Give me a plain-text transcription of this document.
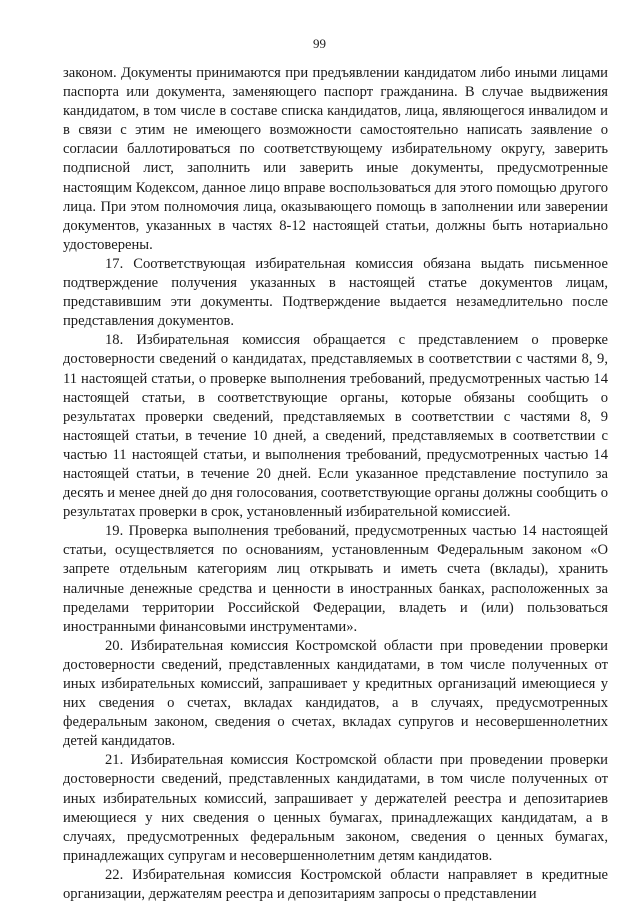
99

законом. Документы принимаются при предъявлении кандидатом либо иными лицами паспорта или документа, заменяющего паспорт гражданина. В случае выдвижения кандидатом, в том числе в составе списка кандидатов, лица, являющегося инвалидом и в связи с этим не имеющего возможности самостоятельно написать заявление о согласии баллотироваться по соответствующему избирательному округу, заверить подписной лист, заполнить или заверить иные документы, предусмотренные настоящим Кодексом, данное лицо вправе воспользоваться для этого помощью другого лица. При этом полномочия лица, оказывающего помощь в заполнении или заверении документов, указанных в частях 8-12 настоящей статьи, должны быть нотариально удостоверены.

17. Соответствующая избирательная комиссия обязана выдать письменное подтверждение получения указанных в настоящей статье документов лицам, представившим эти документы. Подтверждение выдается незамедлительно после представления документов.

18. Избирательная комиссия обращается с представлением о проверке достоверности сведений о кандидатах, представляемых в соответствии с частями 8, 9, 11 настоящей статьи, о проверке выполнения требований, предусмотренных частью 14 настоящей статьи, в соответствующие органы, которые обязаны сообщить о результатах проверки сведений, представляемых в соответствии с частями 8, 9 настоящей статьи, в течение 10 дней, а сведений, представляемых в соответствии с частью 11 настоящей статьи, и выполнения требований, предусмотренных частью 14 настоящей статьи, в течение 20 дней. Если указанное представление поступило за десять и менее дней до дня голосования, соответствующие органы должны сообщить о результатах проверки в срок, установленный избирательной комиссией.

19. Проверка выполнения требований, предусмотренных частью 14 настоящей статьи, осуществляется по основаниям, установленным Федеральным законом «О запрете отдельным категориям лиц открывать и иметь счета (вклады), хранить наличные денежные средства и ценности в иностранных банках, расположенных за пределами территории Российской Федерации, владеть и (или) пользоваться иностранными финансовыми инструментами».

20. Избирательная комиссия Костромской области при проведении проверки достоверности сведений, представленных кандидатами, в том числе полученных от иных избирательных комиссий, запрашивает у кредитных организаций имеющиеся у них сведения о счетах, вкладах кандидатов, а в случаях, предусмотренных федеральным законом, сведения о счетах, вкладах супругов и несовершеннолетних детей кандидатов.

21. Избирательная комиссия Костромской области при проведении проверки достоверности сведений, представленных кандидатами, в том числе полученных от иных избирательных комиссий, запрашивает у держателей реестра и депозитариев имеющиеся у них сведения о ценных бумагах, принадлежащих кандидатам, а в случаях, предусмотренных федеральным законом, сведения о ценных бумагах, принадлежащих супругам и несовершеннолетним детям кандидатов.

22. Избирательная комиссия Костромской области направляет в кредитные организации, держателям реестра и депозитариям запросы о представлении
